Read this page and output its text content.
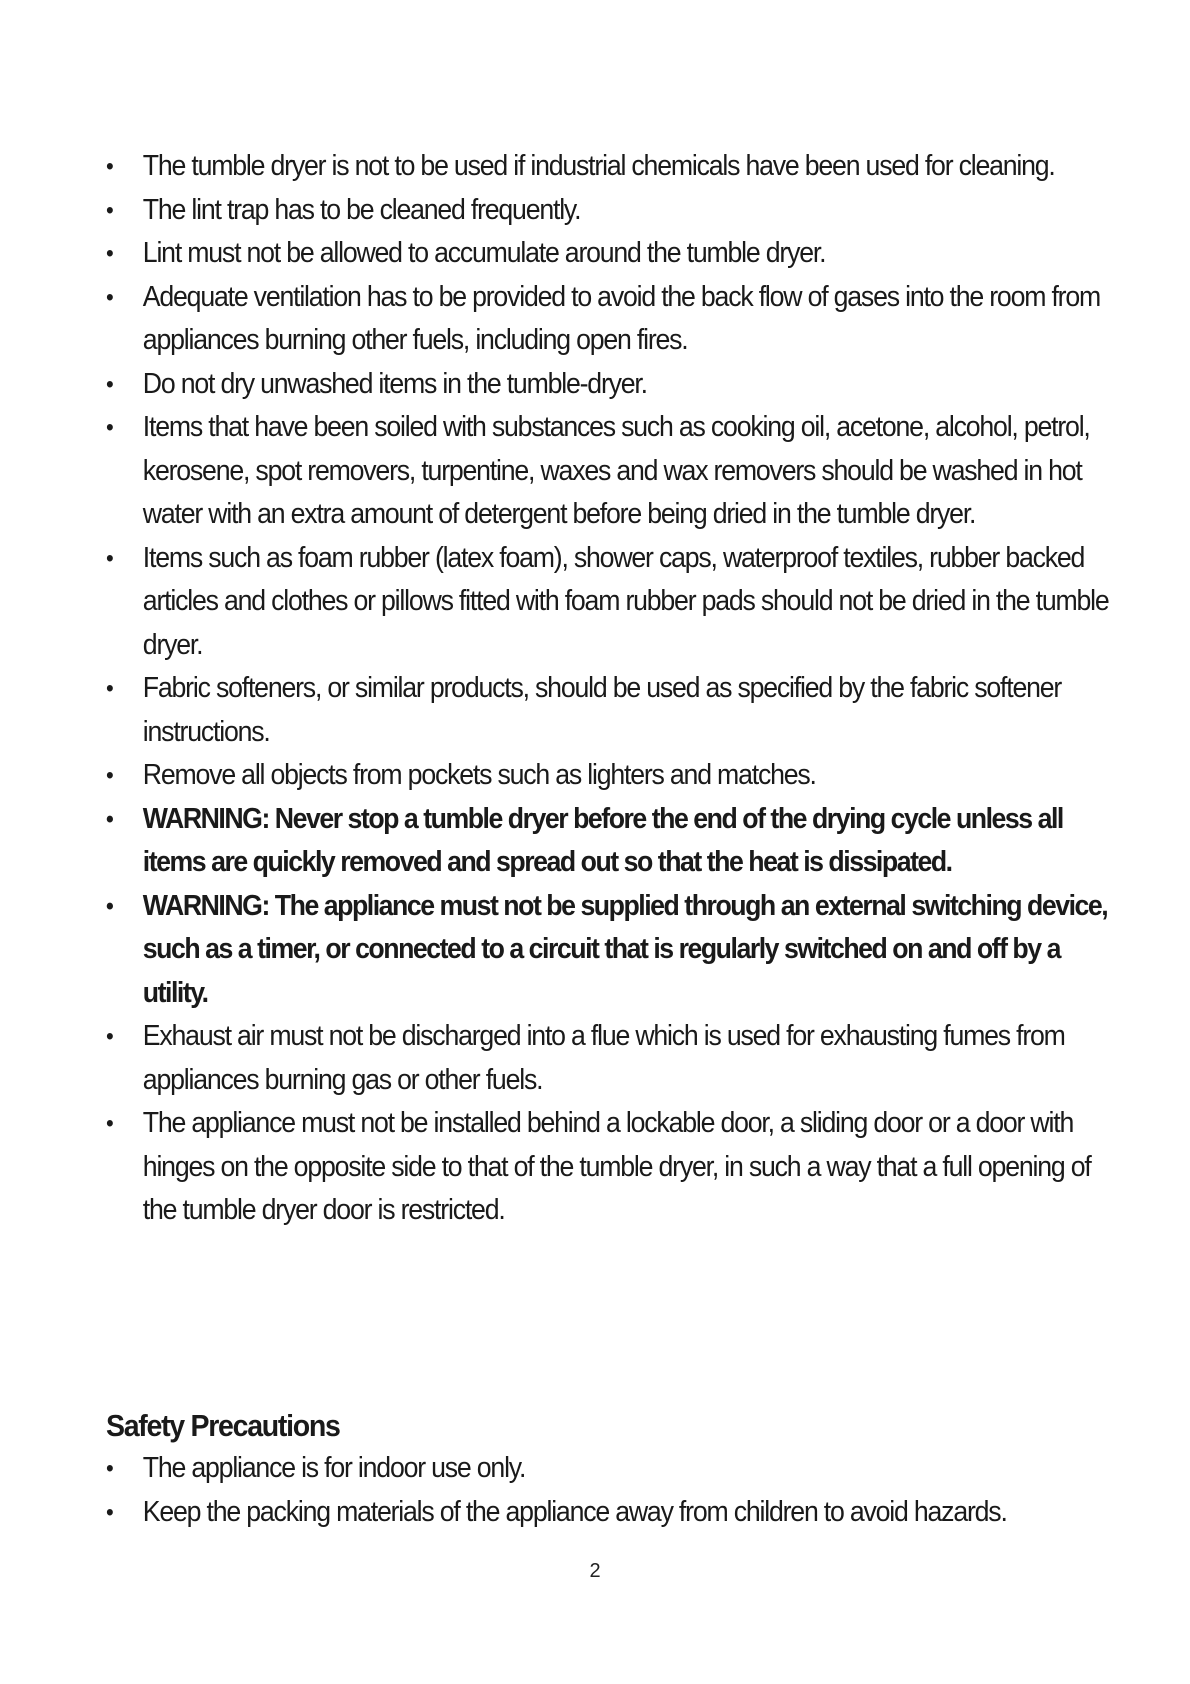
•	The tumble dryer is not to be used if industrial chemicals have been used for cleaning.
•	The lint trap has to be cleaned frequently.
•	Lint must not be allowed to accumulate around the tumble dryer.
•	Adequate ventilation has to be provided to avoid the back flow of gases into the room from appliances burning other fuels, including open fires.
•	Do not dry unwashed items in the tumble-dryer.
•	Items that have been soiled with substances such as cooking oil, acetone, alcohol, petrol, kerosene, spot removers, turpentine, waxes and wax removers should be washed in hot water with an extra amount of detergent before being dried in the tumble dryer.
•	Items such as foam rubber (latex foam), shower caps, waterproof textiles, rubber backed articles and clothes or pillows fitted with foam rubber pads should not be dried in the tumble dryer.
•	Fabric softeners, or similar products, should be used as specified by the fabric softener instructions.
•	Remove all objects from pockets such as lighters and matches.
•	WARNING: Never stop a tumble dryer before the end of the drying cycle unless all items are quickly removed and spread out so that the heat is dissipated.
•	WARNING: The appliance must not be supplied through an external switching device, such as a timer, or connected to a circuit that is regularly switched on and off by a utility.
•	Exhaust air must not be discharged into a flue which is used for exhausting fumes from appliances burning gas or other fuels.
•	The appliance must not be installed behind a lockable door, a sliding door or a door with hinges on the opposite side to that of the tumble dryer, in such a way that a full opening of the tumble dryer door is restricted.
Safety Precautions
•	The appliance is for indoor use only.
•	Keep the packing materials of the appliance away from children to avoid hazards.
2
